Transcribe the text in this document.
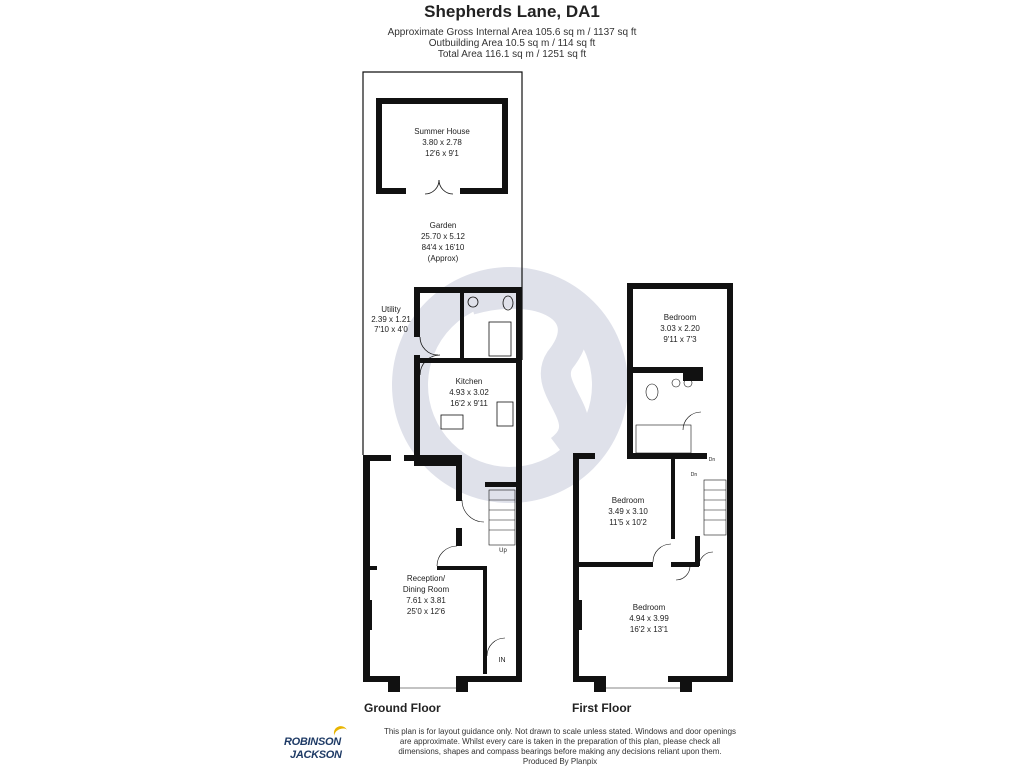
Shepherds Lane, DA1
Approximate Gross Internal Area 105.6 sq m / 1137 sq ft
Outbuilding Area 10.5 sq m / 114 sq ft
Total Area 116.1 sq m / 1251 sq ft
Summer House
3.80 x 2.78
12'6 x 9'1
Garden
25.70 x 5.12
84'4 x 16'10
(Approx)
Utility
2.39 x 1.21
7'10 x 4'0
Kitchen
4.93 x 3.02
16'2 x 9'11
Reception/
Dining Room
7.61 x 3.81
25'0 x 12'6
Bedroom
3.03 x 2.20
9'11 x 7'3
Bedroom
3.49 x 3.10
11'5 x 10'2
Bedroom
4.94 x 3.99
16'2 x 13'1
Up
IN
Dn
Dn
Ground Floor	First Floor
This plan is for layout guidance only. Not drawn to scale unless stated. Windows and door openings
are approximate. Whilst every care is taken in the preparation of this plan, please check all
dimensions, shapes and compass bearings before making any decisions reliant upon them.
Produced By Planpix
ROBINSON
JACKSON
